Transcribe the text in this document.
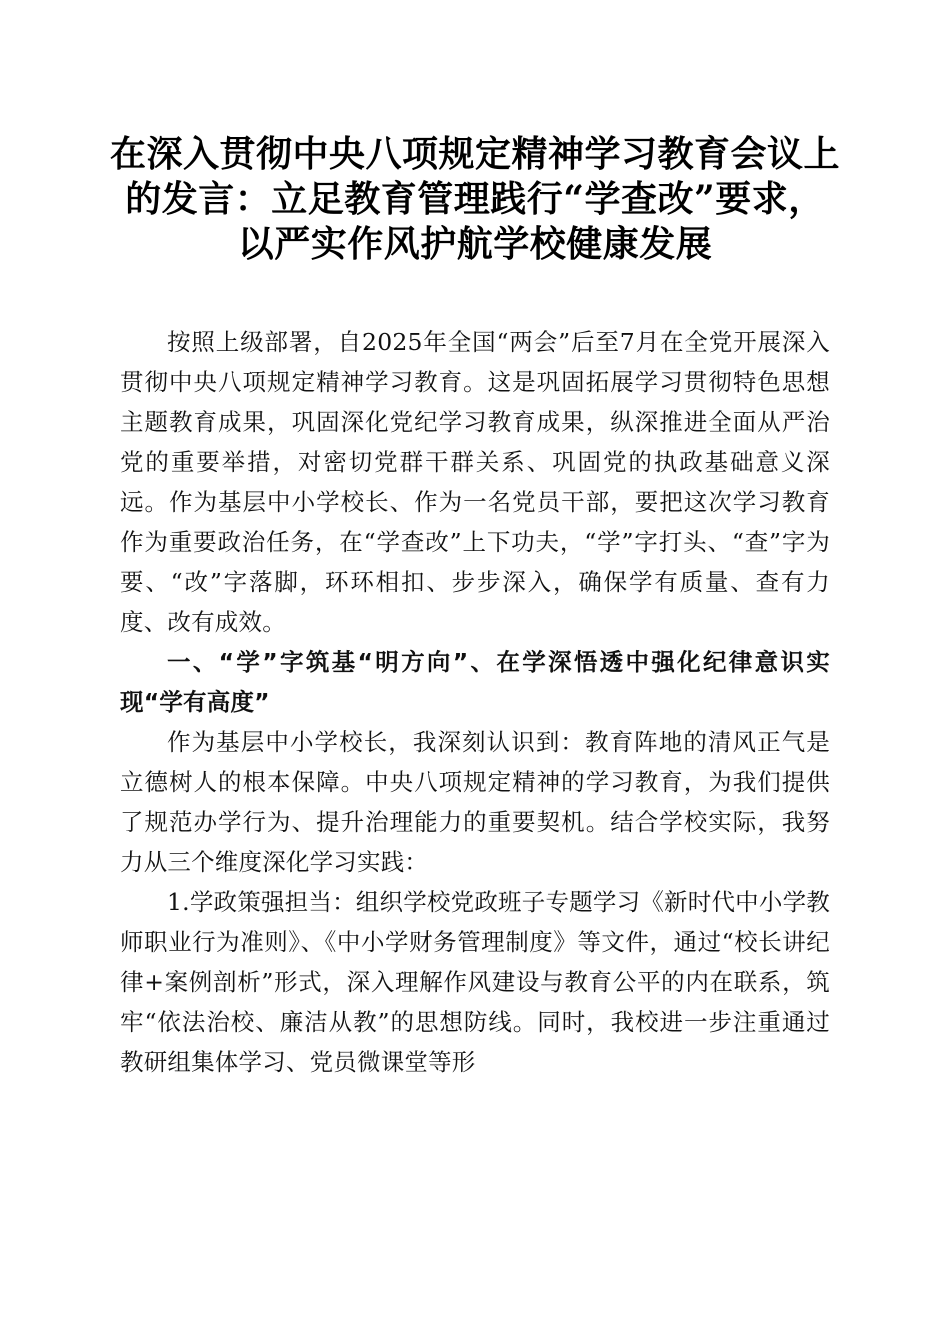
在深入贯彻中央八项规定精神学习教育会议上
的发言：立足教育管理践行“学查改”要求，
以严实作风护航学校健康发展

按照上级部署，自2025年全国“两会”后至7月在全党开展深入贯彻中央八项规定精神学习教育。这是巩固拓展学习贯彻特色思想主题教育成果，巩固深化党纪学习教育成果，纵深推进全面从严治党的重要举措，对密切党群干群关系、巩固党的执政基础意义深远。作为基层中小学校长、作为一名党员干部，要把这次学习教育作为重要政治任务，在“学查改”上下功夫，“学”字打头、“查”字为要、“改”字落脚，环环相扣、步步深入，确保学有质量、查有力度、改有成效。

一、“学”字筑基“明方向”、在学深悟透中强化纪律意识实现“学有高度”

作为基层中小学校长，我深刻认识到：教育阵地的清风正气是立德树人的根本保障。中央八项规定精神的学习教育，为我们提供了规范办学行为、提升治理能力的重要契机。结合学校实际，我努力从三个维度深化学习实践：

1.学政策强担当：组织学校党政班子专题学习《新时代中小学教师职业行为准则》、《中小学财务管理制度》等文件，通过“校长讲纪律+案例剖析”形式，深入理解作风建设与教育公平的内在联系，筑牢“依法治校、廉洁从教”的思想防线。同时，我校进一步注重通过教研组集体学习、党员微课堂等形
